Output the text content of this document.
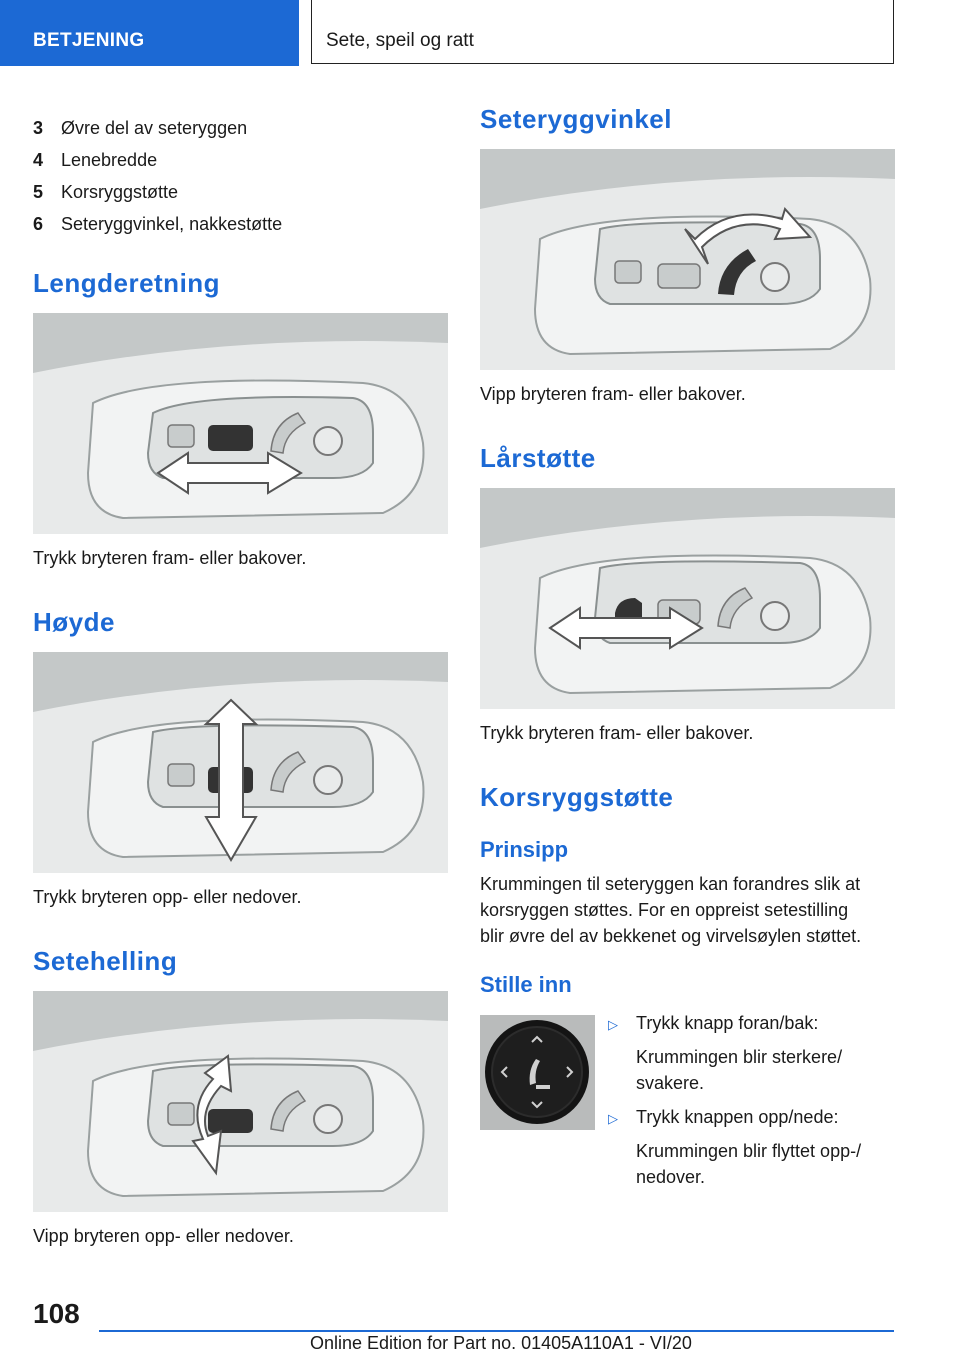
BETJENING	Sete, speil og ratt
3 Øvre del av seteryggen
4 Lenebredde
5 Korsryggstøtte
6 Seteryggvinkel, nakkestøtte
Lengderetning
Trykk bryteren fram- eller bakover.
Høyde
Trykk bryteren opp- eller nedover.
Setehelling
Vipp bryteren opp- eller nedover.
Seteryggvinkel
Vipp bryteren fram- eller bakover.
Lårstøtte
Trykk bryteren fram- eller bakover.
Korsryggstøtte
Prinsipp
Krummingen til seteryggen kan forandres slik at
korsryggen støttes. For en oppreist setestilling
blir øvre del av bekkenet og virvelsøylen støttet.
Stille inn
▷	Trykk knapp foran/bak:
Krummingen blir sterkere/
svakere.
▷	Trykk knappen opp/nede:
Krummingen blir flyttet opp-/
nedover.
108
Online Edition for Part no. 01405A110A1 - VI/20
